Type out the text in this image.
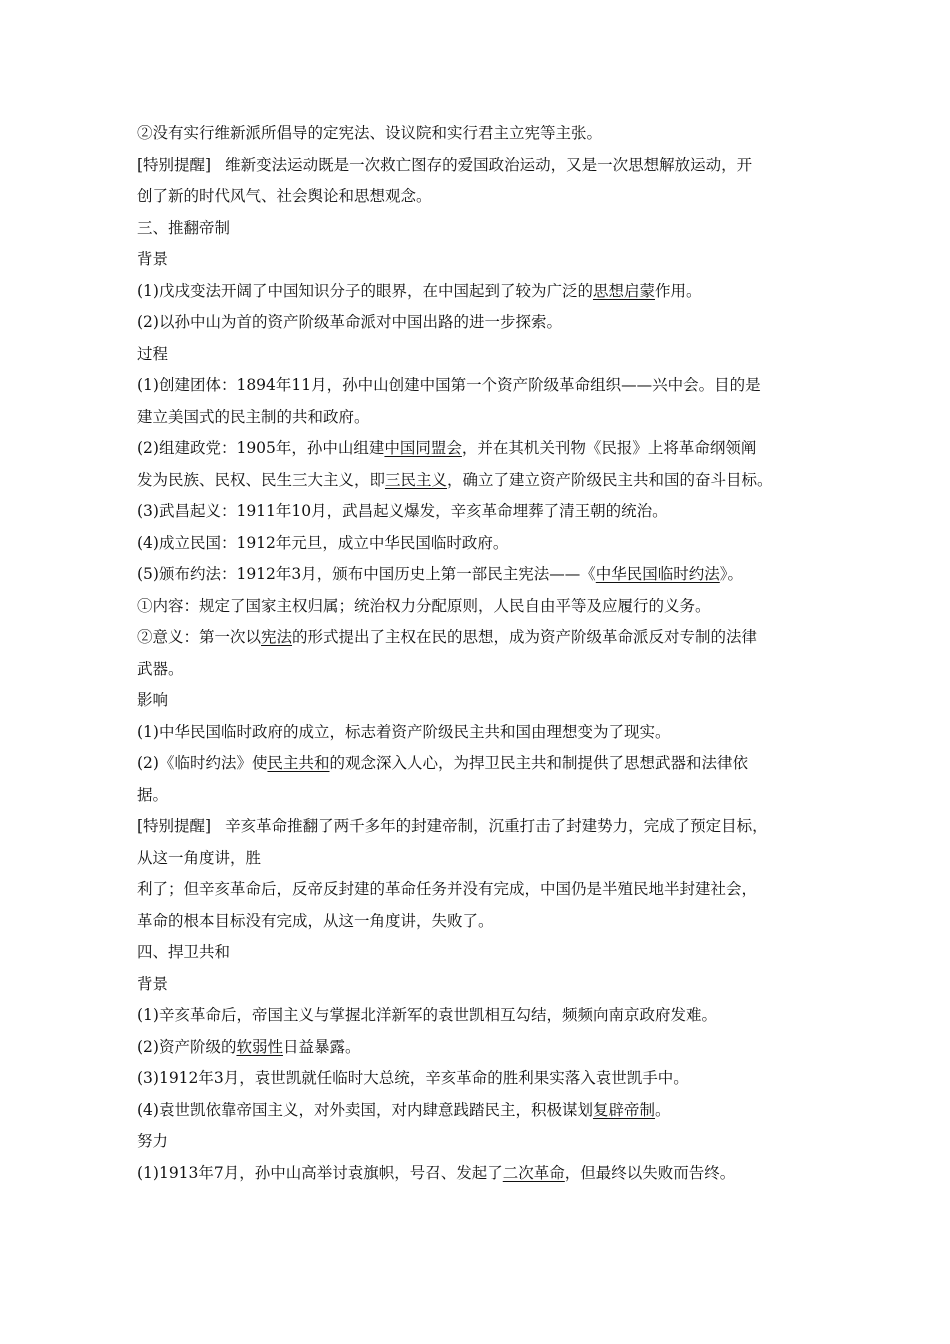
②没有实行维新派所倡导的定宪法、设议院和实行君主立宪等主张。
[特别提醒] 维新变法运动既是一次救亡图存的爱国政治运动，又是一次思想解放运动，开
创了新的时代风气、社会舆论和思想观念。
三、推翻帝制
背景
(1)戊戌变法开阔了中国知识分子的眼界，在中国起到了较为广泛的思想启蒙作用。
(2)以孙中山为首的资产阶级革命派对中国出路的进一步探索。
过程
(1)创建团体：1894年11月，孙中山创建中国第一个资产阶级革命组织——兴中会。目的是
建立美国式的民主制的共和政府。
(2)组建政党：1905年，孙中山组建中国同盟会，并在其机关刊物《民报》上将革命纲领阐
发为民族、民权、民生三大主义，即三民主义，确立了建立资产阶级民主共和国的奋斗目标。
(3)武昌起义：1911年10月，武昌起义爆发，辛亥革命埋葬了清王朝的统治。
(4)成立民国：1912年元旦，成立中华民国临时政府。
(5)颁布约法：1912年3月，颁布中国历史上第一部民主宪法——《中华民国临时约法》。
①内容：规定了国家主权归属；统治权力分配原则，人民自由平等及应履行的义务。
②意义：第一次以宪法的形式提出了主权在民的思想，成为资产阶级革命派反对专制的法律
武器。
影响
(1)中华民国临时政府的成立，标志着资产阶级民主共和国由理想变为了现实。
(2)《临时约法》使民主共和的观念深入人心，为捍卫民主共和制提供了思想武器和法律依
据。
[特别提醒] 辛亥革命推翻了两千多年的封建帝制，沉重打击了封建势力，完成了预定目标，
从这一角度讲，胜
利了；但辛亥革命后，反帝反封建的革命任务并没有完成，中国仍是半殖民地半封建社会，
革命的根本目标没有完成，从这一角度讲，失败了。
四、捍卫共和
背景
(1)辛亥革命后，帝国主义与掌握北洋新军的袁世凯相互勾结，频频向南京政府发难。
(2)资产阶级的软弱性日益暴露。
(3)1912年3月，袁世凯就任临时大总统，辛亥革命的胜利果实落入袁世凯手中。
(4)袁世凯依靠帝国主义，对外卖国，对内肆意践踏民主，积极谋划复辟帝制。
努力
(1)1913年7月，孙中山高举讨袁旗帜，号召、发起了二次革命，但最终以失败而告终。
